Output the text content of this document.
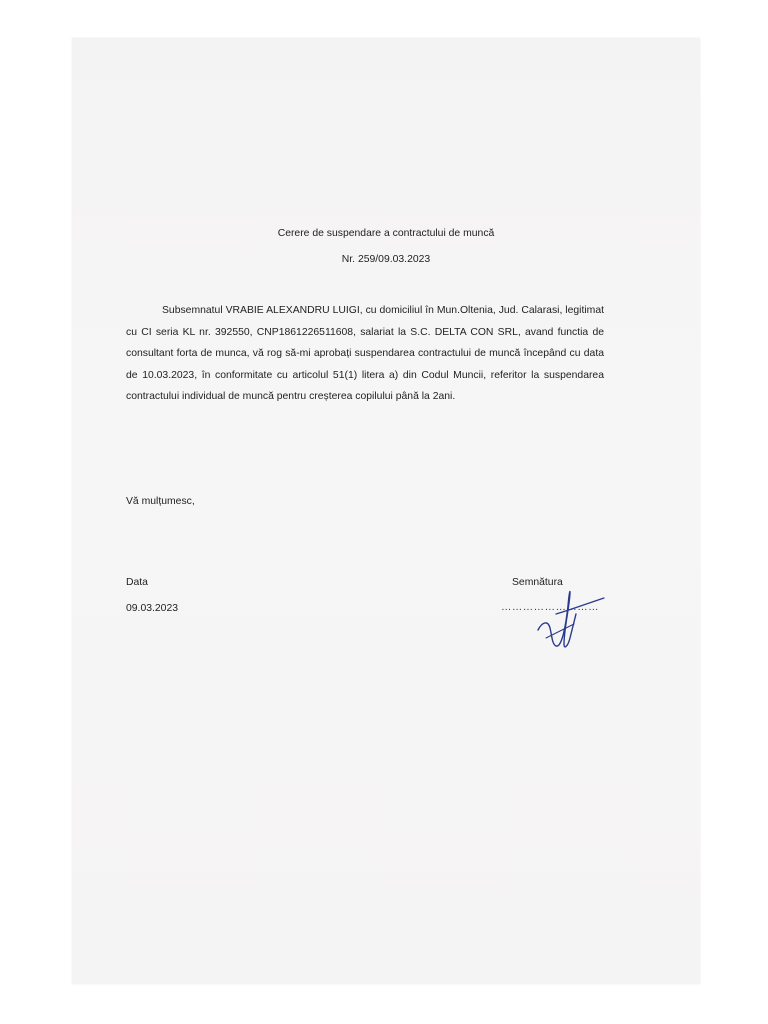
Cerere de suspendare a contractului de muncă

Nr. 259/09.03.2023

Subsemnatul VRABIE ALEXANDRU LUIGI, cu domiciliul în Mun.Oltenia, Jud. Calarasi, legitimat cu CI seria KL nr. 392550, CNP1861226511608, salariat la S.C. DELTA CON SRL, avand functia de consultant forta de munca, vă rog să-mi aprobați suspendarea contractului de muncă începând cu data de 10.03.2023, în conformitate cu articolul 51(1) litera a) din Codul Muncii, referitor la suspendarea contractului individual de muncă pentru creșterea copilului până la 2ani.

Vă mulțumesc,

Data

09.03.2023

Semnătura

………………………
